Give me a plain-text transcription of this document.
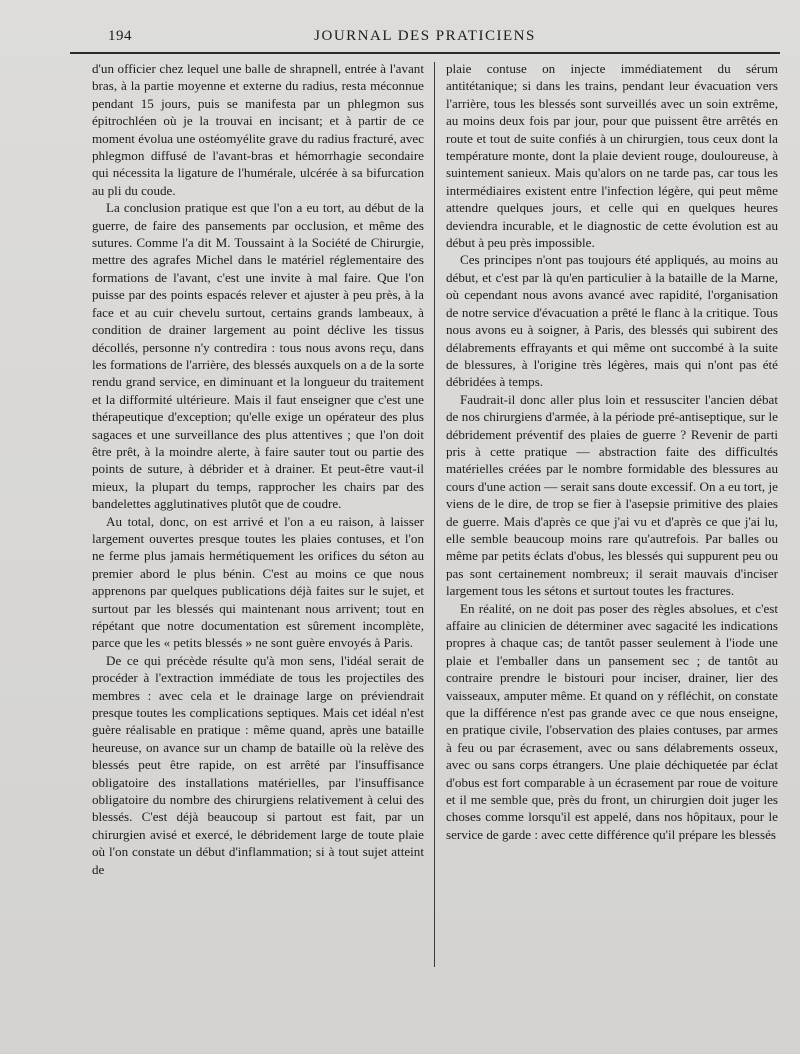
194	JOURNAL DES PRATICIENS

d'un officier chez lequel une balle de shrapnell, entrée à l'avant bras, à la partie moyenne et externe du radius, resta méconnue pendant 15 jours, puis se manifesta par un phlegmon sus épitrochléen où je la trouvai en incisant; et à partir de ce moment évolua une ostéomyélite grave du radius fracturé, avec phlegmon diffusé de l'avant-bras et hémorrhagie secondaire qui nécessita la ligature de l'humérale, ulcérée à sa bifurcation au pli du coude.

La conclusion pratique est que l'on a eu tort, au début de la guerre, de faire des pansements par occlusion, et même des sutures. Comme l'a dit M. Toussaint à la Société de Chirurgie, mettre des agrafes Michel dans le matériel réglementaire des formations de l'avant, c'est une invite à mal faire. Que l'on puisse par des points espacés relever et ajuster à peu près, à la face et au cuir chevelu surtout, certains grands lambeaux, à condition de drainer largement au point déclive les tissus décollés, personne n'y contredira : tous nous avons reçu, dans les formations de l'arrière, des blessés auxquels on a de la sorte rendu grand service, en diminuant et la longueur du traitement et la difformité ultérieure. Mais il faut enseigner que c'est une thérapeutique d'exception; qu'elle exige un opérateur des plus sagaces et une surveillance des plus attentives ; que l'on doit être prêt, à la moindre alerte, à faire sauter tout ou partie des points de suture, à débrider et à drainer. Et peut-être vaut-il mieux, la plupart du temps, rapprocher les chairs par des bandelettes agglutinatives plutôt que de coudre.

Au total, donc, on est arrivé et l'on a eu raison, à laisser largement ouvertes presque toutes les plaies contuses, et l'on ne ferme plus jamais hermétiquement les orifices du séton au premier abord le plus bénin. C'est au moins ce que nous apprenons par quelques publications déjà faites sur le sujet, et surtout par les blessés qui maintenant nous arrivent; tout en répétant que notre documentation est sûrement incomplète, parce que les « petits blessés » ne sont guère envoyés à Paris.

De ce qui précède résulte qu'à mon sens, l'idéal serait de procéder à l'extraction immédiate de tous les projectiles des membres : avec cela et le drainage large on préviendrait presque toutes les complications septiques. Mais cet idéal n'est guère réalisable en pratique : même quand, après une bataille heureuse, on avance sur un champ de bataille où la relève des blessés peut être rapide, on est arrêté par l'insuffisance obligatoire des installations matérielles, par l'insuffisance obligatoire du nombre des chirurgiens relativement à celui des blessés. C'est déjà beaucoup si partout est fait, par un chirurgien avisé et exercé, le débridement large de toute plaie où l'on constate un début d'inflammation; si à tout sujet atteint de

plaie contuse on injecte immédiatement du sérum antitétanique; si dans les trains, pendant leur évacuation vers l'arrière, tous les blessés sont surveillés avec un soin extrême, au moins deux fois par jour, pour que puissent être arrêtés en route et tout de suite confiés à un chirurgien, tous ceux dont la température monte, dont la plaie devient rouge, douloureuse, à suintement sanieux. Mais qu'alors on ne tarde pas, car tous les intermédiaires existent entre l'infection légère, qui peut même attendre quelques jours, et celle qui en quelques heures deviendra incurable, et le diagnostic de cette évolution est au début à peu près impossible.

Ces principes n'ont pas toujours été appliqués, au moins au début, et c'est par là qu'en particulier à la bataille de la Marne, où cependant nous avons avancé avec rapidité, l'organisation de notre service d'évacuation a prêté le flanc à la critique. Tous nous avons eu à soigner, à Paris, des blessés qui subirent des délabrements effrayants et qui même ont succombé à la suite de blessures, à l'origine très légères, mais qui n'ont pas été débridées à temps.

Faudrait-il donc aller plus loin et ressusciter l'ancien débat de nos chirurgiens d'armée, à la période pré-antiseptique, sur le débridement préventif des plaies de guerre ? Revenir de parti pris à cette pratique — abstraction faite des difficultés matérielles créées par le nombre formidable des blessures au cours d'une action — serait sans doute excessif. On a eu tort, je viens de le dire, de trop se fier à l'asepsie primitive des plaies de guerre. Mais d'après ce que j'ai vu et d'après ce que j'ai lu, elle semble beaucoup moins rare qu'autrefois. Par balles ou même par petits éclats d'obus, les blessés qui suppurent peu ou pas sont certainement nombreux; il serait mauvais d'inciser largement tous les sétons et surtout toutes les fractures.

En réalité, on ne doit pas poser des règles absolues, et c'est affaire au clinicien de déterminer avec sagacité les indications propres à chaque cas; de tantôt passer seulement à l'iode une plaie et l'emballer dans un pansement sec ; de tantôt au contraire prendre le bistouri pour inciser, drainer, lier des vaisseaux, amputer même. Et quand on y réfléchit, on constate que la différence n'est pas grande avec ce que nous enseigne, en pratique civile, l'observation des plaies contuses, par armes à feu ou par écrasement, avec ou sans délabrements osseux, avec ou sans corps étrangers. Une plaie déchiquetée par éclat d'obus est fort comparable à un écrasement par roue de voiture et il me semble que, près du front, un chirurgien doit juger les choses comme lorsqu'il est appelé, dans nos hôpitaux, pour le service de garde : avec cette différence qu'il prépare les blessés
